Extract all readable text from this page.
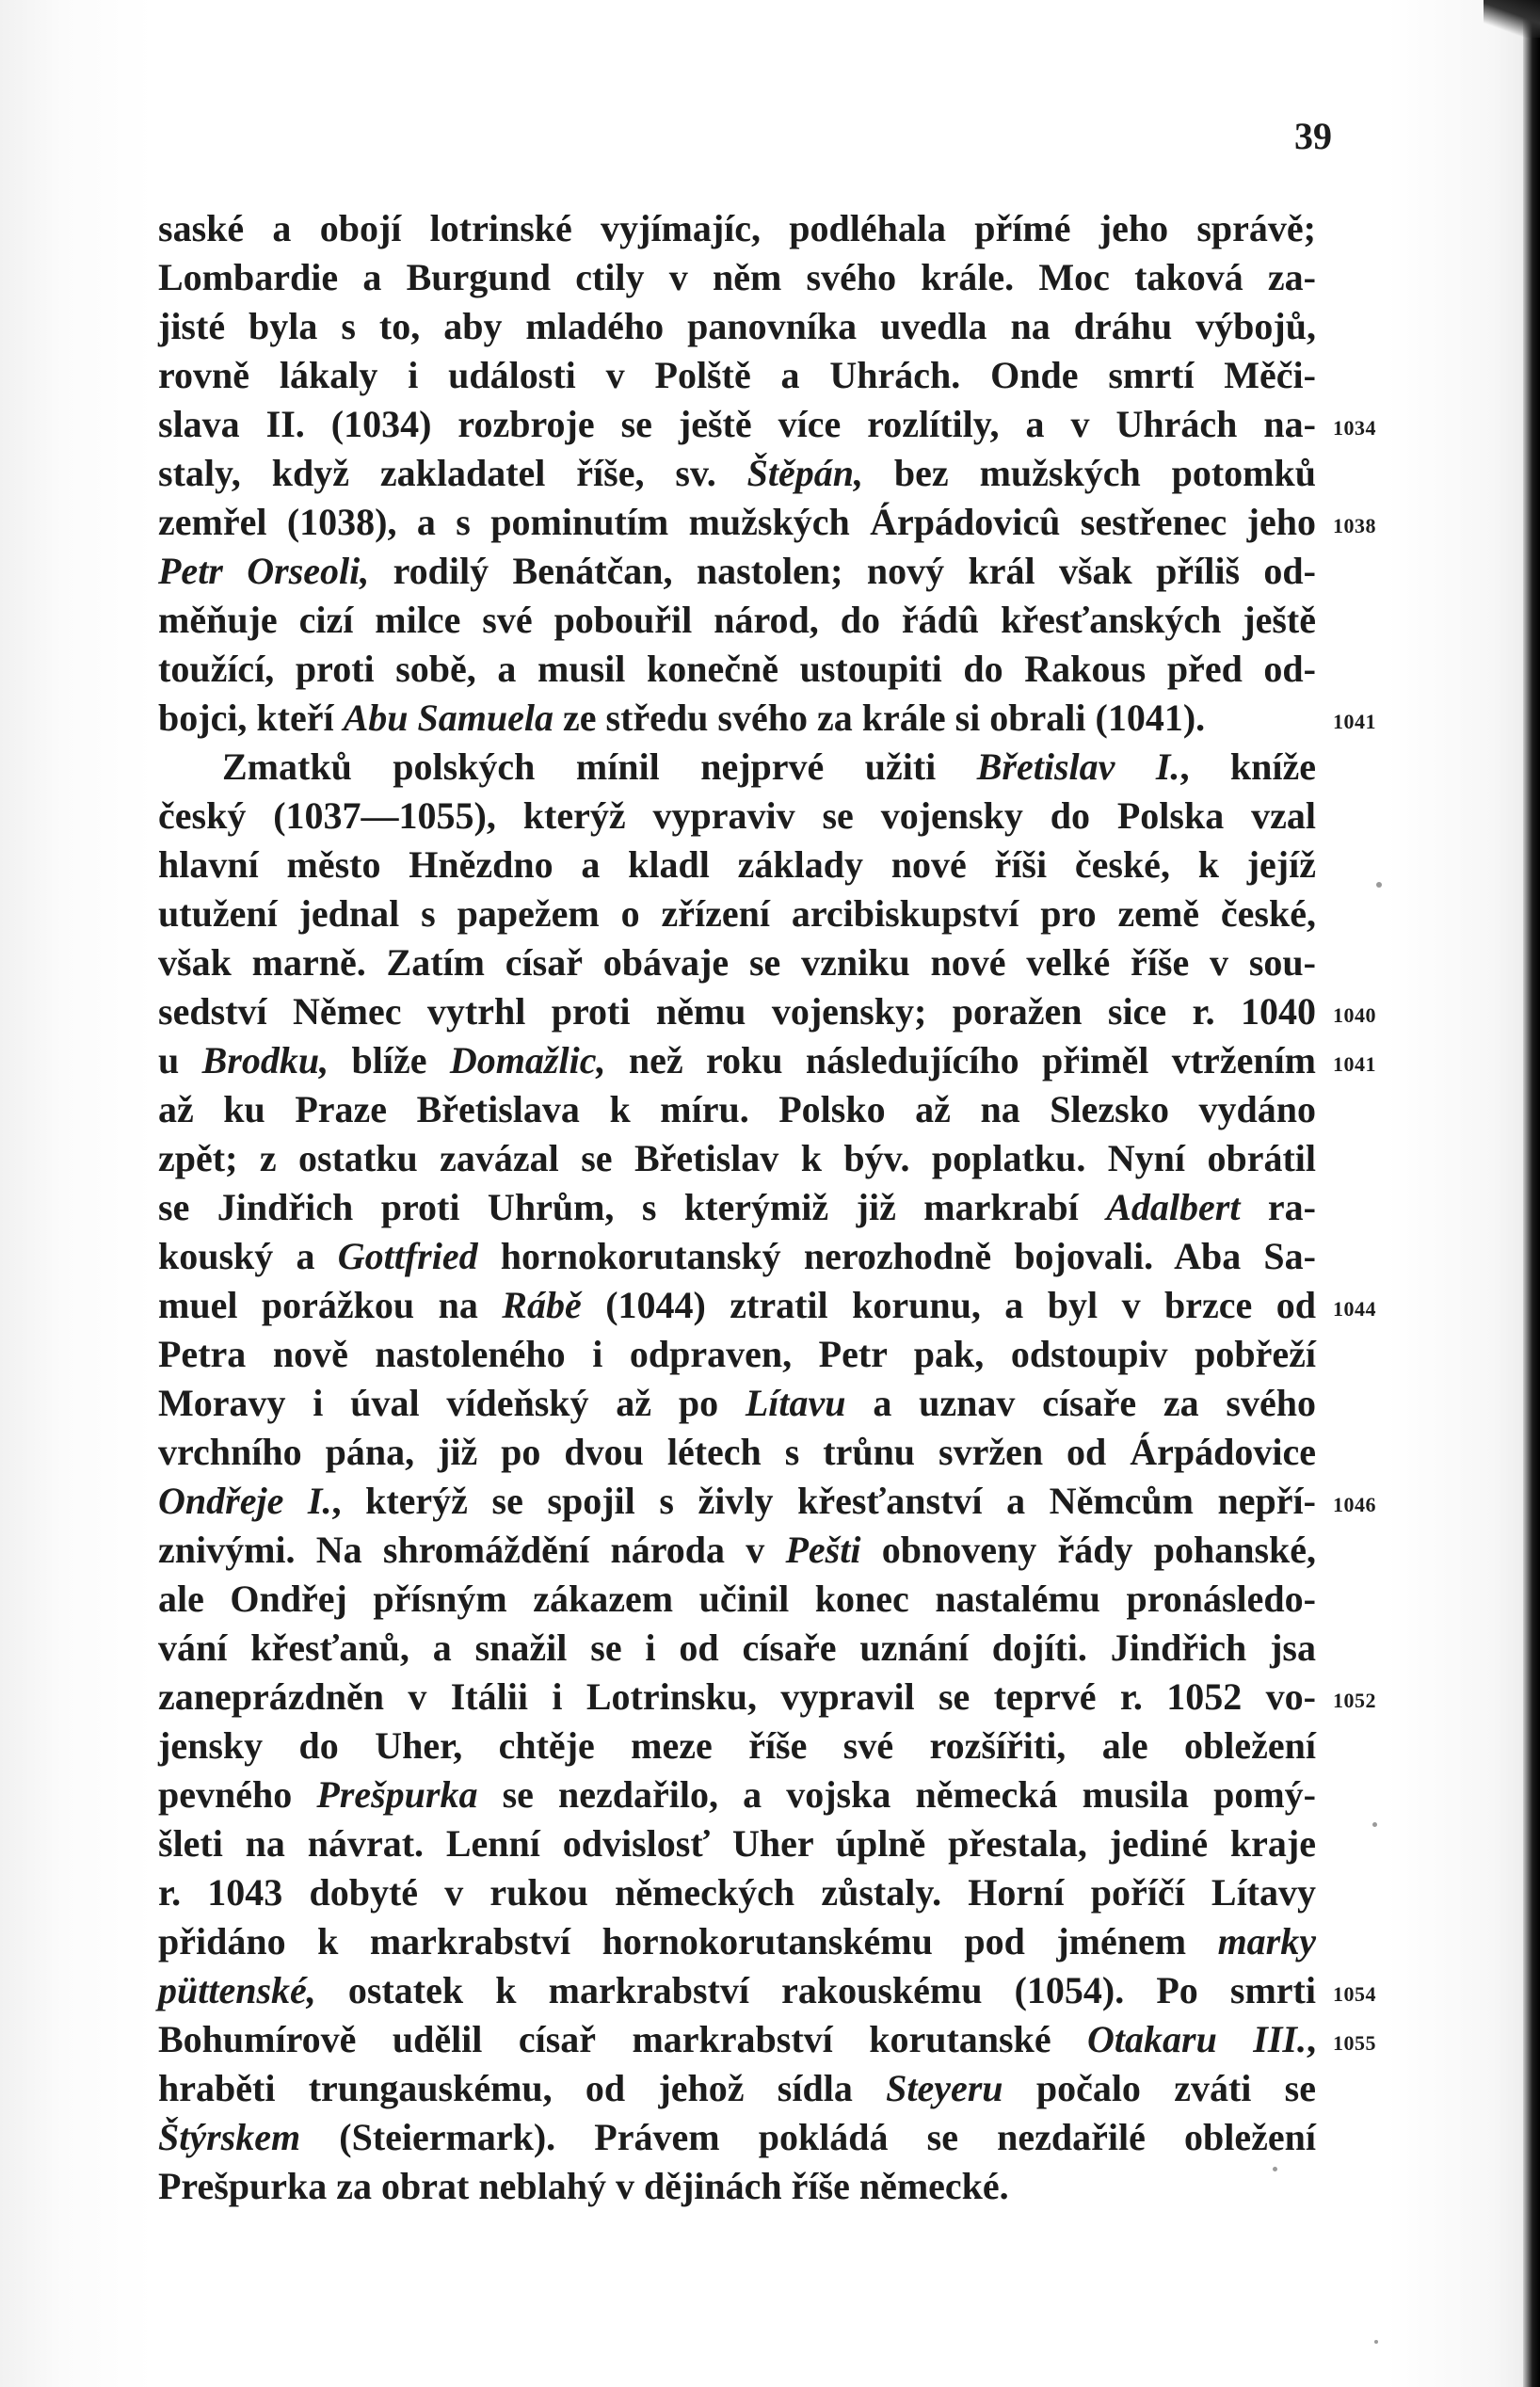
39
saské a obojí lotrinské vyjímajíc, podléhala přímé jeho správě;
Lombardie a Burgund ctily v něm svého krále. Moc taková za-
jisté byla s to, aby mladého panovníka uvedla na dráhu výbojů,
rovně lákaly i události v Polště a Uhrách. Onde smrtí Měči-
slava II. (1034) rozbroje se ještě více rozlítily, a v Uhrách na- 1034
staly, když zakladatel říše, sv. Štěpán, bez mužských potomků
zemřel (1038), a s pominutím mužských Árpádovicû sestřenec jeho 1038
Petr Orseoli, rodilý Benátčan, nastolen; nový král však příliš od-
měňuje cizí milce své pobouřil národ, do řádû křesťanských ještě
toužící, proti sobě, a musil konečně ustoupiti do Rakous před od-
bojci, kteří Abu Samuela ze středu svého za krále si obrali (1041).	1041
Zmatků polských mínil nejprvé užiti Břetislav I., kníže
český (1037—1055), kterýž vypraviv se vojensky do Polska vzal
hlavní město Hnězdno a kladl základy nové říši české, k jejíž
utužení jednal s papežem o zřízení arcibiskupství pro země české,
však marně. Zatím císař obávaje se vzniku nové velké říše v sou-
sedství Němec vytrhl proti němu vojensky; poražen sice r. 1040 1040
u Brodku, blíže Domažlic, než roku následujícího přiměl vtržením 1041
až ku Praze Břetislava k míru. Polsko až na Slezsko vydáno
zpět; z ostatku zavázal se Břetislav k býv. poplatku. Nyní obrátil
se Jindřich proti Uhrům, s kterýmiž již markrabí Adalbert ra-
kouský a Gottfried hornokorutanský nerozhodně bojovali. Aba Sa-
muel porážkou na Rábě (1044) ztratil korunu, a byl v brzce od 1044
Petra nově nastoleného i odpraven, Petr pak, odstoupiv pobřeží
Moravy i úval vídeňský až po Lítavu a uznav císaře za svého
vrchního pána, již po dvou létech s trůnu svržen od Árpádovice
Ondřeje I., kterýž se spojil s živly křesťanství a Němcům nepří- 1046
znivými. Na shromáždění národa v Pešti obnoveny řády pohanské,
ale Ondřej přísným zákazem učinil konec nastalému pronásledo-
vání křesťanů, a snažil se i od císaře uznání dojíti. Jindřich jsa
zaneprázdněn v Itálii i Lotrinsku, vypravil se teprvé r. 1052 vo- 1052
jensky do Uher, chtěje meze říše své rozšířiti, ale obležení
pevného Prešpurka se nezdařilo, a vojska německá musila pomý-
šleti na návrat. Lenní odvislosť Uher úplně přestala, jediné kraje
r. 1043 dobyté v rukou německých zůstaly. Horní poříčí Lítavy
přidáno k markrabství hornokorutanskému pod jménem marky
püttenské, ostatek k markrabství rakouskému (1054). Po smrti 1054
Bohumírově udělil císař markrabství korutanské Otakaru III., 1055
hraběti trungauskému, od jehož sídla Steyeru počalo zváti se
Štýrskem (Steiermark). Právem pokládá se nezdařilé obležení
Prešpurka za obrat neblahý v dějinách říše německé.
